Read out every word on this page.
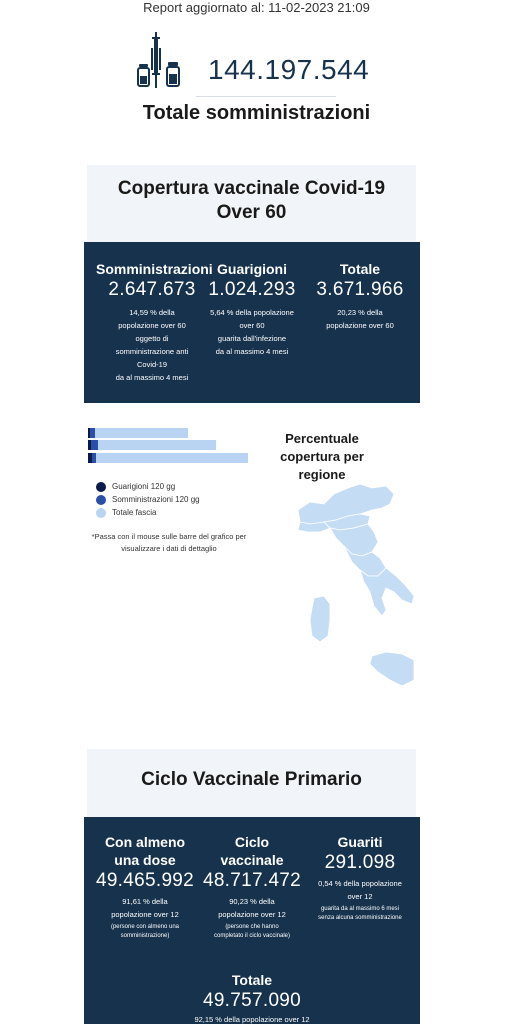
Report aggiornato al: 11-02-2023 21:09
144.197.544
Totale somministrazioni
Copertura vaccinale Covid-19
Over 60
Somministrazioni
2.647.673
14,59 % della
popolazione over 60
oggetto di
somministrazione anti
Covid-19
da al massimo 4 mesi
Guarigioni
1.024.293
5,64 % della popolazione
over 60
guarita dall'infezione
da al massimo 4 mesi
Totale
3.671.966
20,23 % della
popolazione over 60
Guarigioni 120 gg
Somministrazioni 120 gg
Totale fascia
*Passa con il mouse sulle barre del grafico per
visualizzare i dati di dettaglio
Percentuale
copertura per regione
Ciclo Vaccinale Primario
Con almeno
una dose
49.465.992
91,61 % della
popolazione over 12
(persone con almeno una
somministrazione)
Ciclo
vaccinale
48.717.472
90,23 % della
popolazione over 12
(persone che hanno
completato il ciclo vaccinale)
Guariti
291.098
0,54 % della popolazione
over 12
guarita da al massimo 6 mesi
senza alcuna somministrazione
Totale
49.757.090
92,15 % della popolazione over 12
